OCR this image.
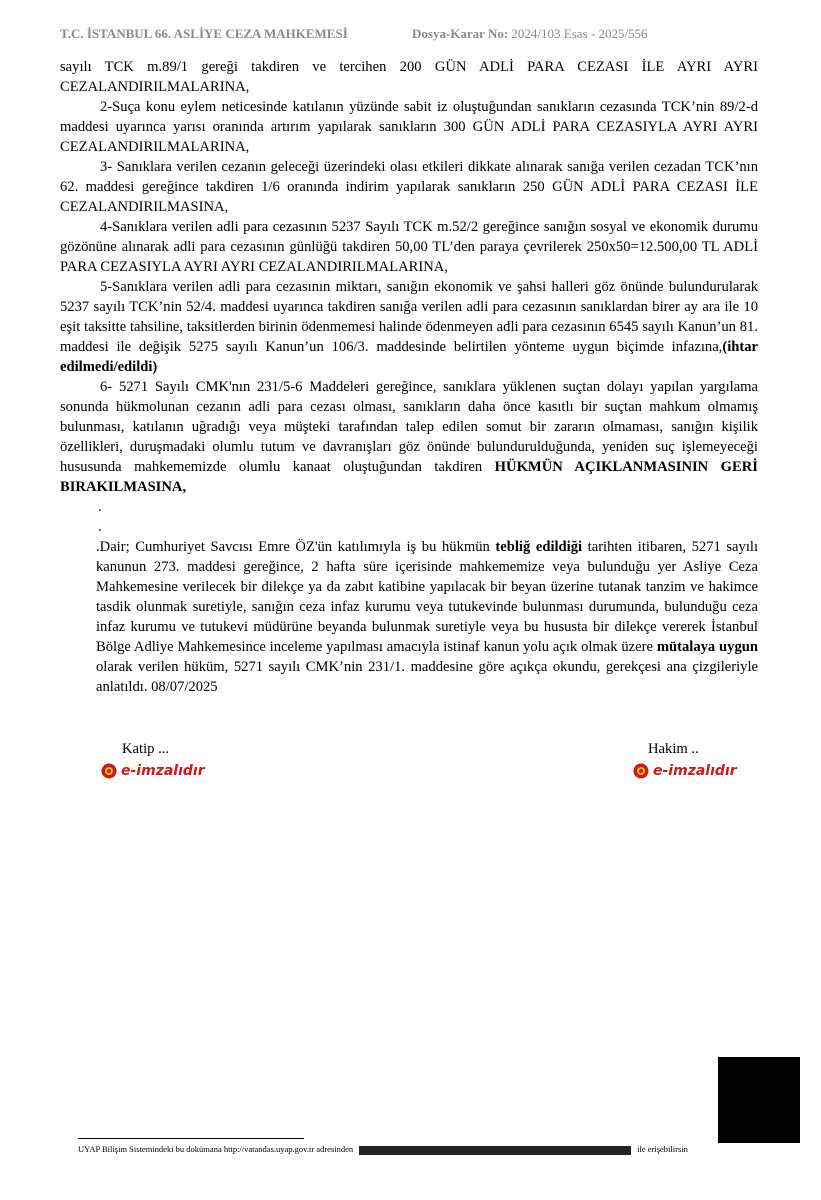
T.C. İSTANBUL 66. ASLİYE CEZA MAHKEMESİ	Dosya-Karar No: 2024/103 Esas - 2025/556
· · · · ·

sayılı TCK m.89/1 gereği takdiren ve tercihen 200 GÜN ADLİ PARA CEZASI İLE AYRI AYRI CEZALANDIRILMALARINA,

2-Suça konu eylem neticesinde katılanın yüzünde sabit iz oluştuğundan sanıkların cezasında TCK’nin 89/2-d maddesi uyarınca yarısı oranında artırım yapılarak sanıkların 300 GÜN ADLİ PARA CEZASIYLA AYRI AYRI CEZALANDIRILMALARINA,

3- Sanıklara verilen cezanın geleceği üzerindeki olası etkileri dikkate alınarak sanığa verilen cezadan TCK’nın 62. maddesi gereğince takdiren 1/6 oranında indirim yapılarak sanıkların 250 GÜN ADLİ PARA CEZASI İLE CEZALANDIRILMASINA,

4-Sanıklara verilen adli para cezasının 5237 Sayılı TCK m.52/2 gereğince sanığın sosyal ve ekonomik durumu gözönüne alınarak adli para cezasının günlüğü takdiren 50,00 TL’den paraya çevrilerek 250x50=12.500,00 TL ADLİ PARA CEZASIYLA AYRI AYRI CEZALANDIRILMALARINA,

5-Sanıklara verilen adli para cezasının miktarı, sanığın ekonomik ve şahsi halleri göz önünde bulundurularak 5237 sayılı TCK’nin 52/4. maddesi uyarınca takdiren sanığa verilen adli para cezasının sanıklardan birer ay ara ile 10 eşit taksitte tahsiline, taksitlerden birinin ödenmemesi halinde ödenmeyen adli para cezasının 6545 sayılı Kanun’un 81. maddesi ile değişik 5275 sayılı Kanun’un 106/3. maddesinde belirtilen yönteme uygun biçimde infazına,(ihtar edilmedi/edildi)

6- 5271 Sayılı CMK'nın 231/5-6 Maddeleri gereğince, sanıklara yüklenen suçtan dolayı yapılan yargılama sonunda hükmolunan cezanın adli para cezası olması, sanıkların daha önce kasıtlı bir suçtan mahkum olmamış bulunması, katılanın uğradığı veya müşteki tarafından talep edilen somut bir zararın olmaması, sanığın kişilik özellikleri, duruşmadaki olumlu tutum ve davranışları göz önünde bulundurulduğunda, yeniden suç işlemeyeceği hususunda mahkememizde olumlu kanaat oluştuğundan takdiren HÜKMÜN AÇIKLANMASININ GERİ BIRAKILMASINA,

.

.

.Dair; Cumhuriyet Savcısı Emre ÖZ'ün katılımıyla iş bu hükmün tebliğ edildiği tarihten itibaren, 5271 sayılı kanunun 273. maddesi gereğince, 2 hafta süre içerisinde mahkememize veya bulunduğu yer Asliye Ceza Mahkemesine verilecek bir dilekçe ya da zabıt katibine yapılacak bir beyan üzerine tutanak tanzim ve hakimce tasdik olunmak suretiyle, sanığın ceza infaz kurumu veya tutukevinde bulunması durumunda, bulunduğu ceza infaz kurumu ve tutukevi müdürüne beyanda bulunmak suretiyle veya bu hususta bir dilekçe vererek İstanbul Bölge Adliye Mahkemesince inceleme yapılması amacıyla istinaf kanun yolu açık olmak üzere mütalaya uygun olarak verilen hüküm, 5271 sayılı CMK’nin 231/1. maddesine göre açıkça okundu, gerekçesi ana çizgileriyle anlatıldı. 08/07/2025

Katip ...
e-imzalıdır
Hakim ..
e-imzalıdır
UYAP Bilişim Sistemindeki bu dokümana http://vatandas.uyap.gov.tr adresinden	ile erişebilirsin
